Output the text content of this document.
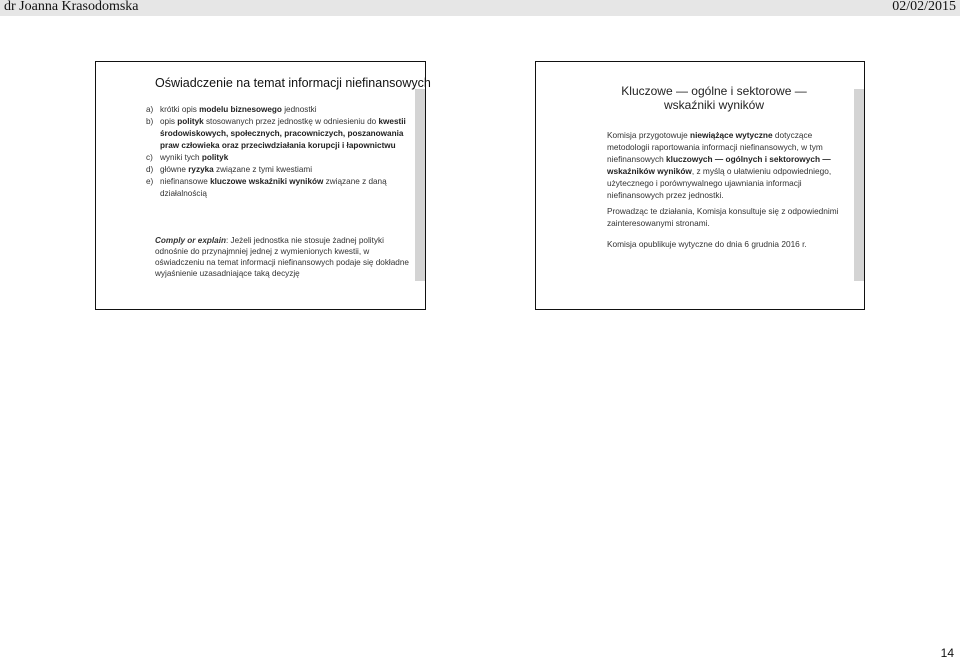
dr Joanna Krasodomska	02/02/2015
Oświadczenie na temat informacji niefinansowych
a) krótki opis modelu biznesowego jednostki
b) opis polityk stosowanych przez jednostkę w odniesieniu do kwestii środowiskowych, społecznych, pracowniczych, poszanowania praw człowieka oraz przeciwdziałania korupcji i łapownictwu
c) wyniki tych polityk
d) główne ryzyka związane z tymi kwestiami
e) niefinansowe kluczowe wskaźniki wyników związane z daną działalnością
Comply or explain: Jeżeli jednostka nie stosuje żadnej polityki odnośnie do przynajmniej jednej z wymienionych kwestii, w oświadczeniu na temat informacji niefinansowych podaje się dokładne wyjaśnienie uzasadniające taką decyzję
Kluczowe — ogólne i sektorowe — wskaźniki wyników
Komisja przygotowuje niewiążące wytyczne dotyczące metodologii raportowania informacji niefinansowych, w tym niefinansowych kluczowych — ogólnych i sektorowych — wskaźników wyników, z myślą o ułatwieniu odpowiedniego, użytecznego i porównywalnego ujawniania informacji niefinansowych przez jednostki.
Prowadząc te działania, Komisja konsultuje się z odpowiednimi zainteresowanymi stronami.
Komisja opublikuje wytyczne do dnia 6 grudnia 2016 r.
14
